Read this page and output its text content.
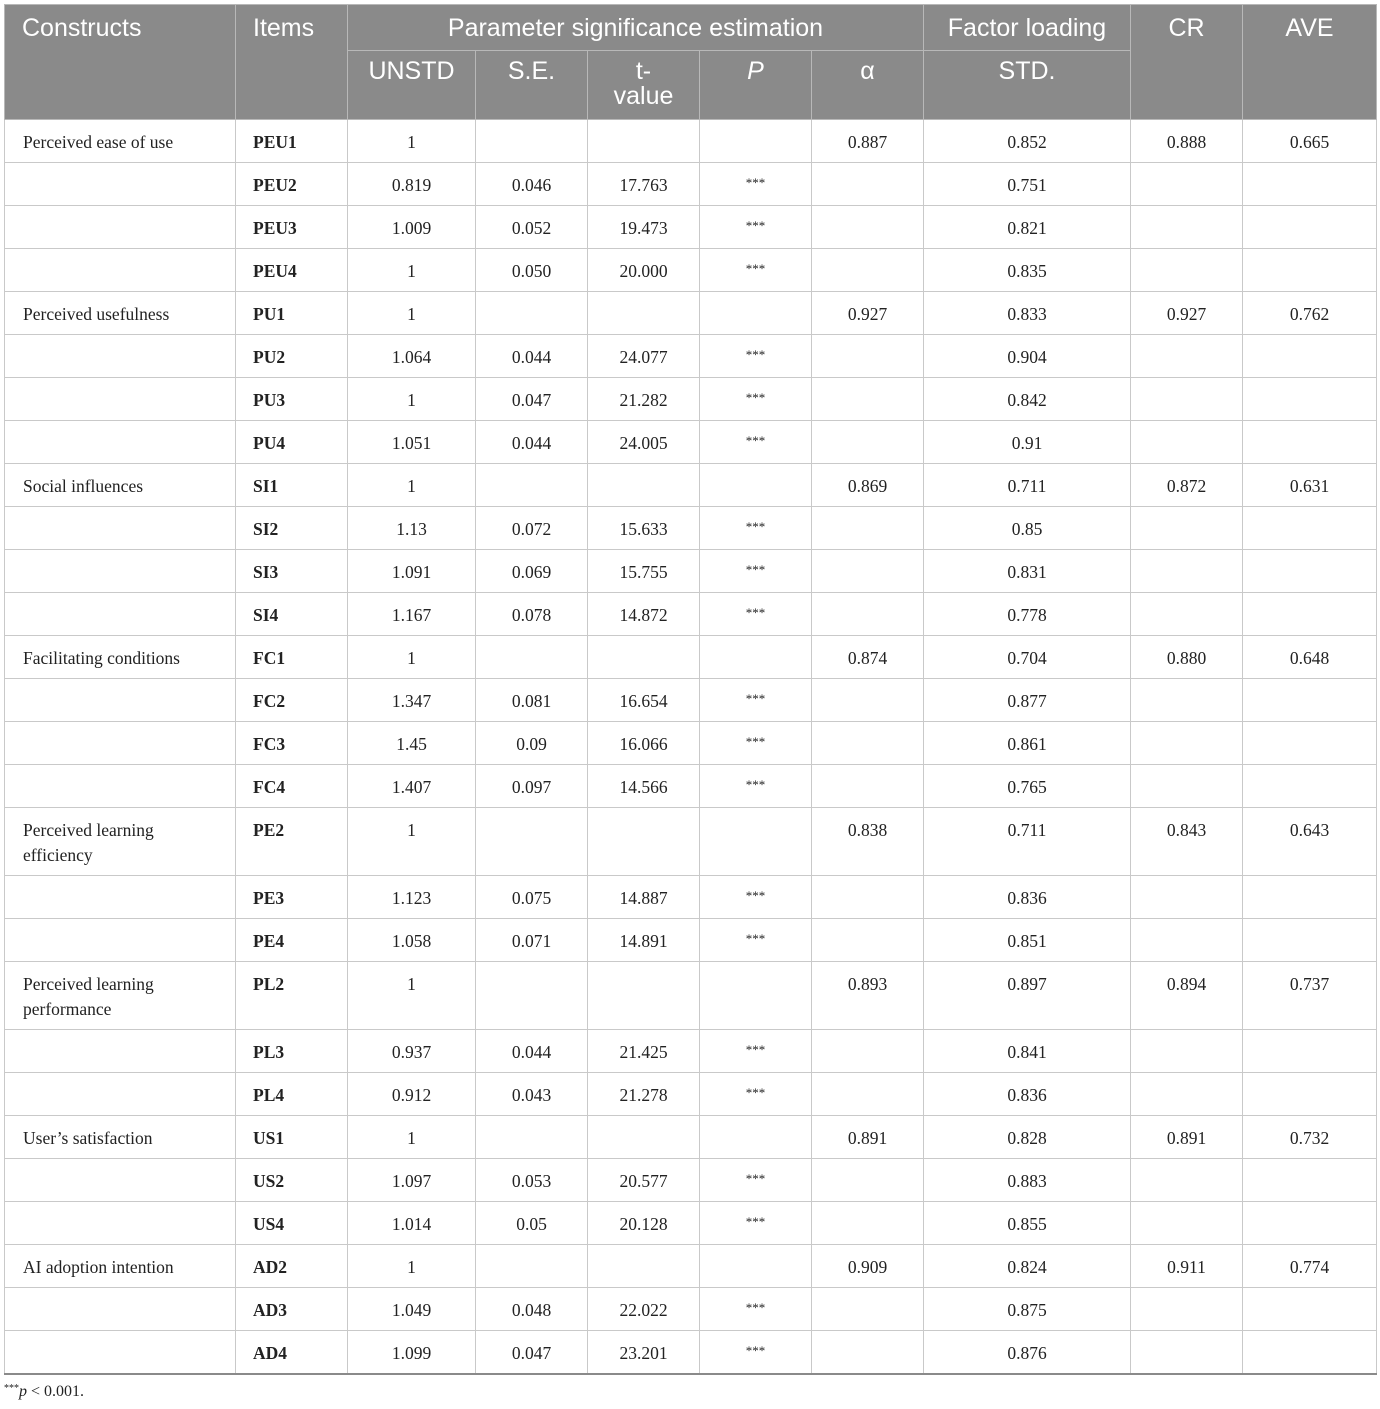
Constructs	Items	Parameter significance estimation					Factor loading	CR	AVE
		UNSTD	S.E.	t-value	P	α	STD.		
Perceived ease of use	PEU1	1				0.887	0.852	0.888	0.665
	PEU2	0.819	0.046	17.763	***		0.751		
	PEU3	1.009	0.052	19.473	***		0.821		
	PEU4	1	0.050	20.000	***		0.835		
Perceived usefulness	PU1	1				0.927	0.833	0.927	0.762
	PU2	1.064	0.044	24.077	***		0.904		
	PU3	1	0.047	21.282	***		0.842		
	PU4	1.051	0.044	24.005	***		0.91		
Social influences	SI1	1				0.869	0.711	0.872	0.631
	SI2	1.13	0.072	15.633	***		0.85		
	SI3	1.091	0.069	15.755	***		0.831		
	SI4	1.167	0.078	14.872	***		0.778		
Facilitating conditions	FC1	1				0.874	0.704	0.880	0.648
	FC2	1.347	0.081	16.654	***		0.877		
	FC3	1.45	0.09	16.066	***		0.861		
	FC4	1.407	0.097	14.566	***		0.765		
Perceived learning efficiency	PE2	1				0.838	0.711	0.843	0.643
	PE3	1.123	0.075	14.887	***		0.836		
	PE4	1.058	0.071	14.891	***		0.851		
Perceived learning performance	PL2	1				0.893	0.897	0.894	0.737
	PL3	0.937	0.044	21.425	***		0.841		
	PL4	0.912	0.043	21.278	***		0.836		
User’s satisfaction	US1	1				0.891	0.828	0.891	0.732
	US2	1.097	0.053	20.577	***		0.883		
	US4	1.014	0.05	20.128	***		0.855		
AI adoption intention	AD2	1				0.909	0.824	0.911	0.774
	AD3	1.049	0.048	22.022	***		0.875		
	AD4	1.099	0.047	23.201	***		0.876		
***p < 0.001.
